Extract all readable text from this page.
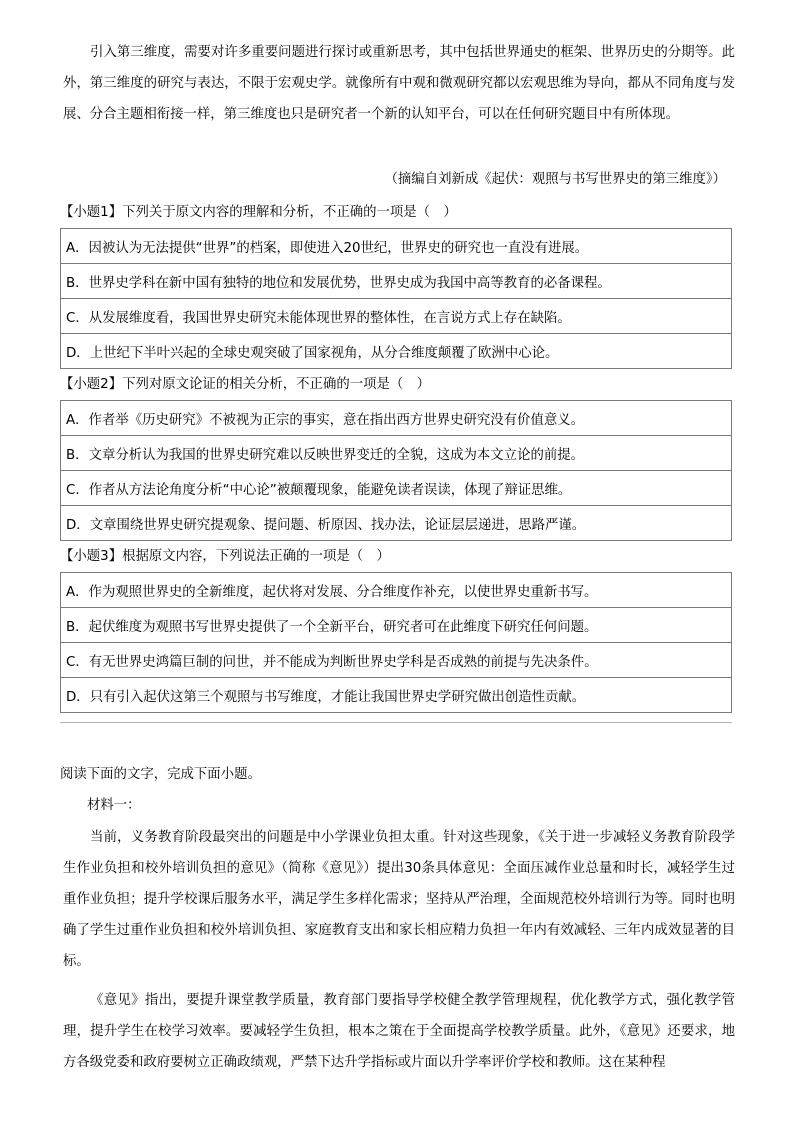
引入第三维度，需要对许多重要问题进行探讨或重新思考，其中包括世界通史的框架、世界历史的分期等。此外，第三维度的研究与表达，不限于宏观史学。就像所有中观和微观研究都以宏观思维为导向，都从不同角度与发展、分合主题相衔接一样，第三维度也只是研究者一个新的认知平台，可以在任何研究题目中有所体现。

（摘编自刘新成《起伏：观照与书写世界史的第三维度》）
【小题1】下列关于原文内容的理解和分析，不正确的一项是（　）
A．因被认为无法提供“世界”的档案，即使进入20世纪，世界史的研究也一直没有进展。
B．世界史学科在新中国有独特的地位和发展优势，世界史成为我国中高等教育的必备课程。
C．从发展维度看，我国世界史研究未能体现世界的整体性，在言说方式上存在缺陷。
D．上世纪下半叶兴起的全球史观突破了国家视角，从分合维度颠覆了欧洲中心论。
【小题2】下列对原文论证的相关分析，不正确的一项是（　）
A．作者举《历史研究》不被视为正宗的事实，意在指出西方世界史研究没有价值意义。
B．文章分析认为我国的世界史研究难以反映世界变迁的全貌，这成为本文立论的前提。
C．作者从方法论角度分析“中心论”被颠覆现象，能避免读者误读，体现了辩证思维。
D．文章围绕世界史研究提观象、提问题、析原因、找办法，论证层层递进，思路严谨。
【小题3】根据原文内容，下列说法正确的一项是（　）
A．作为观照世界史的全新维度，起伏将对发展、分合维度作补充，以使世界史重新书写。
B．起伏维度为观照书写世界史提供了一个全新平台，研究者可在此维度下研究任何问题。
C．有无世界史鸿篇巨制的问世，并不能成为判断世界史学科是否成熟的前提与先决条件。
D．只有引入起伏这第三个观照与书写维度，才能让我国世界史学研究做出创造性贡献。
阅读下面的文字，完成下面小题。
材料一：

当前，义务教育阶段最突出的问题是中小学课业负担太重。针对这些现象，《关于进一步减轻义务教育阶段学生作业负担和校外培训负担的意见》（简称《意见》）提出30条具体意见：全面压减作业总量和时长，减轻学生过重作业负担；提升学校课后服务水平，满足学生多样化需求；坚持从严治理，全面规范校外培训行为等。同时也明确了学生过重作业负担和校外培训负担、家庭教育支出和家长相应精力负担一年内有效减轻、三年内成效显著的目标。

《意见》指出，要提升课堂教学质量，教育部门要指导学校健全教学管理规程，优化教学方式，强化教学管理，提升学生在校学习效率。要减轻学生负担，根本之策在于全面提高学校教学质量。此外，《意见》还要求，地方各级党委和政府要树立正确政绩观，严禁下达升学指标或片面以升学率评价学校和教师。这在某种程
